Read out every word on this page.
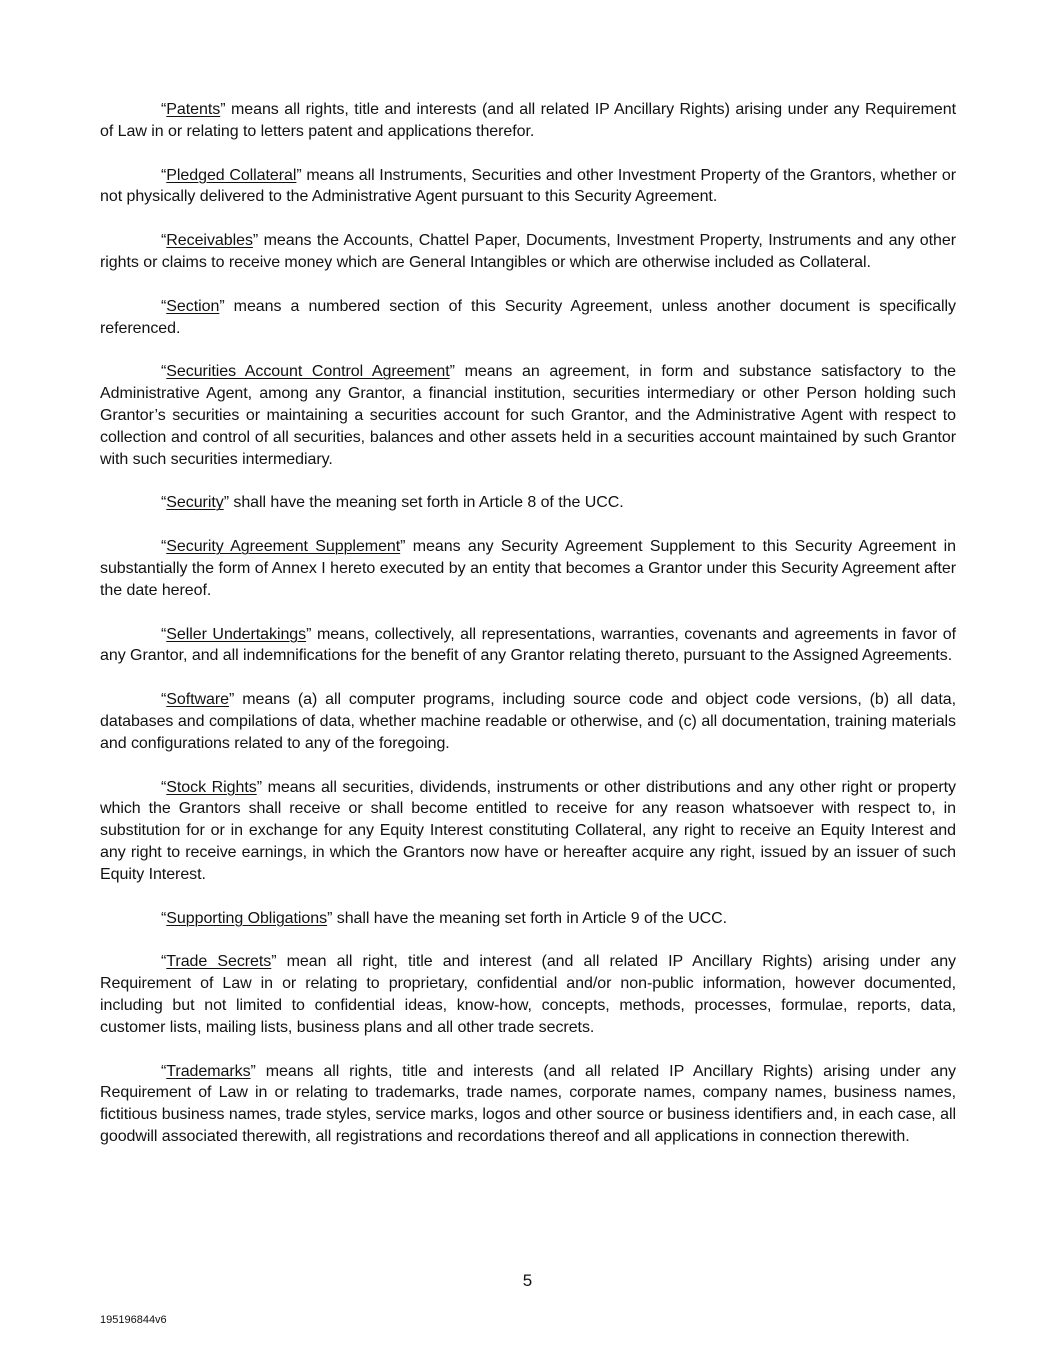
“Patents” means all rights, title and interests (and all related IP Ancillary Rights) arising under any Requirement of Law in or relating to letters patent and applications therefor.

“Pledged Collateral” means all Instruments, Securities and other Investment Property of the Grantors, whether or not physically delivered to the Administrative Agent pursuant to this Security Agreement.

“Receivables” means the Accounts, Chattel Paper, Documents, Investment Property, Instruments and any other rights or claims to receive money which are General Intangibles or which are otherwise included as Collateral.

“Section” means a numbered section of this Security Agreement, unless another document is specifically referenced.

“Securities Account Control Agreement” means an agreement, in form and substance satisfactory to the Administrative Agent, among any Grantor, a financial institution, securities intermediary or other Person holding such Grantor’s securities or maintaining a securities account for such Grantor, and the Administrative Agent with respect to collection and control of all securities, balances and other assets held in a securities account maintained by such Grantor with such securities intermediary.

“Security” shall have the meaning set forth in Article 8 of the UCC.

“Security Agreement Supplement” means any Security Agreement Supplement to this Security Agreement in substantially the form of Annex I hereto executed by an entity that becomes a Grantor under this Security Agreement after the date hereof.

“Seller Undertakings” means, collectively, all representations, warranties, covenants and agreements in favor of any Grantor, and all indemnifications for the benefit of any Grantor relating thereto, pursuant to the Assigned Agreements.

“Software” means (a) all computer programs, including source code and object code versions, (b) all data, databases and compilations of data, whether machine readable or otherwise, and (c) all documentation, training materials and configurations related to any of the foregoing.

“Stock Rights” means all securities, dividends, instruments or other distributions and any other right or property which the Grantors shall receive or shall become entitled to receive for any reason whatsoever with respect to, in substitution for or in exchange for any Equity Interest constituting Collateral, any right to receive an Equity Interest and any right to receive earnings, in which the Grantors now have or hereafter acquire any right, issued by an issuer of such Equity Interest.

“Supporting Obligations” shall have the meaning set forth in Article 9 of the UCC.

“Trade Secrets” mean all right, title and interest (and all related IP Ancillary Rights) arising under any Requirement of Law in or relating to proprietary, confidential and/or non-public information, however documented, including but not limited to confidential ideas, know-how, concepts, methods, processes, formulae, reports, data, customer lists, mailing lists, business plans and all other trade secrets.

“Trademarks” means all rights, title and interests (and all related IP Ancillary Rights) arising under any Requirement of Law in or relating to trademarks, trade names, corporate names, company names, business names, fictitious business names, trade styles, service marks, logos and other source or business identifiers and, in each case, all goodwill associated therewith, all registrations and recordations thereof and all applications in connection therewith.

5
195196844v6
